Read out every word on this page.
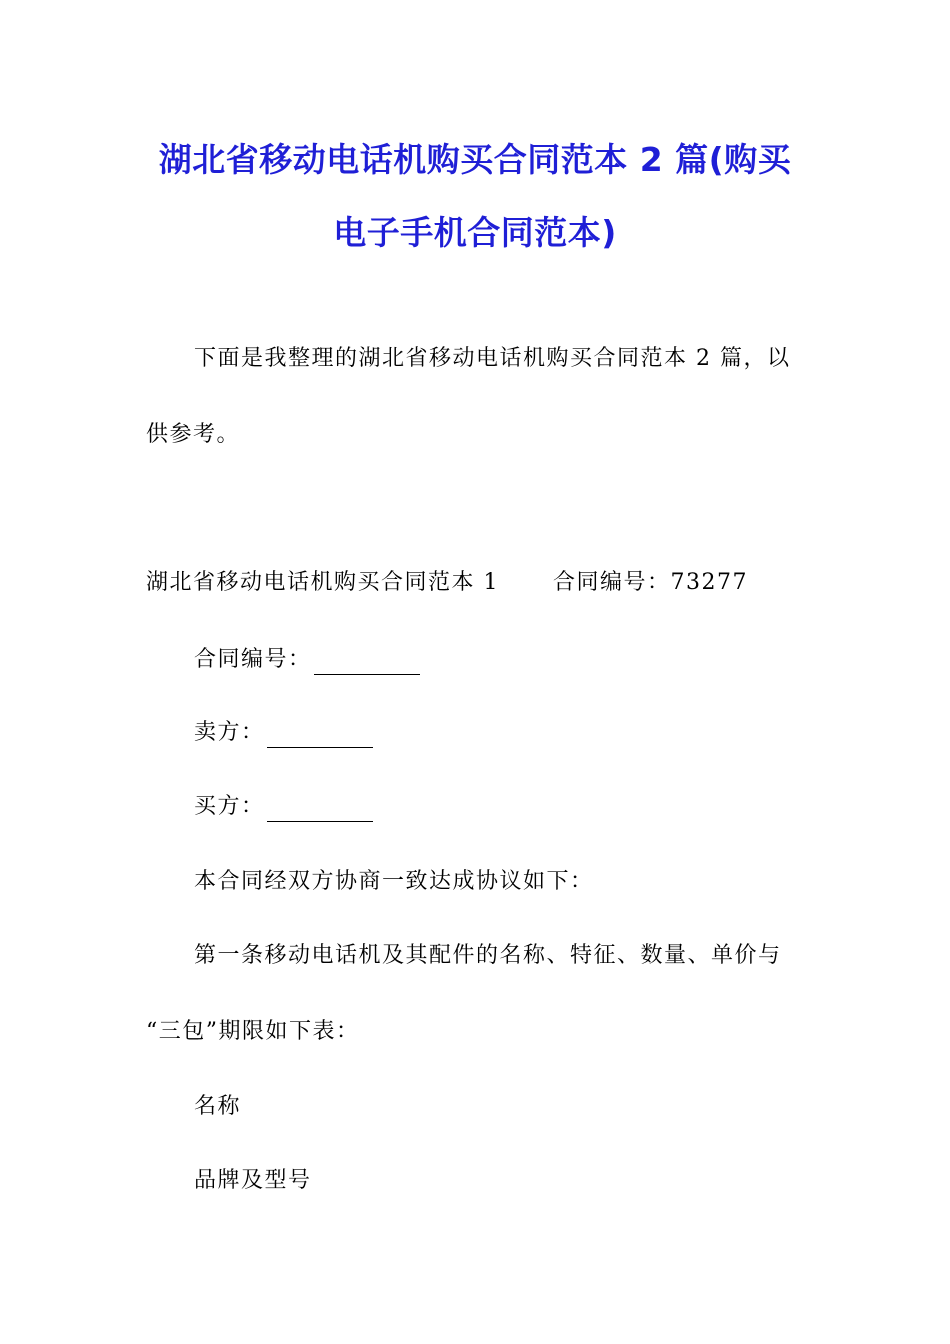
湖北省移动电话机购买合同范本 2 篇(购买
电子手机合同范本)
下面是我整理的湖北省移动电话机购买合同范本 2 篇，以
供参考。
湖北省移动电话机购买合同范本 1 合同编号：73277
合同编号：
卖方：
买方：
本合同经双方协商一致达成协议如下：
第一条移动电话机及其配件的名称、特征、数量、单价与
“三包”期限如下表：
名称
品牌及型号
